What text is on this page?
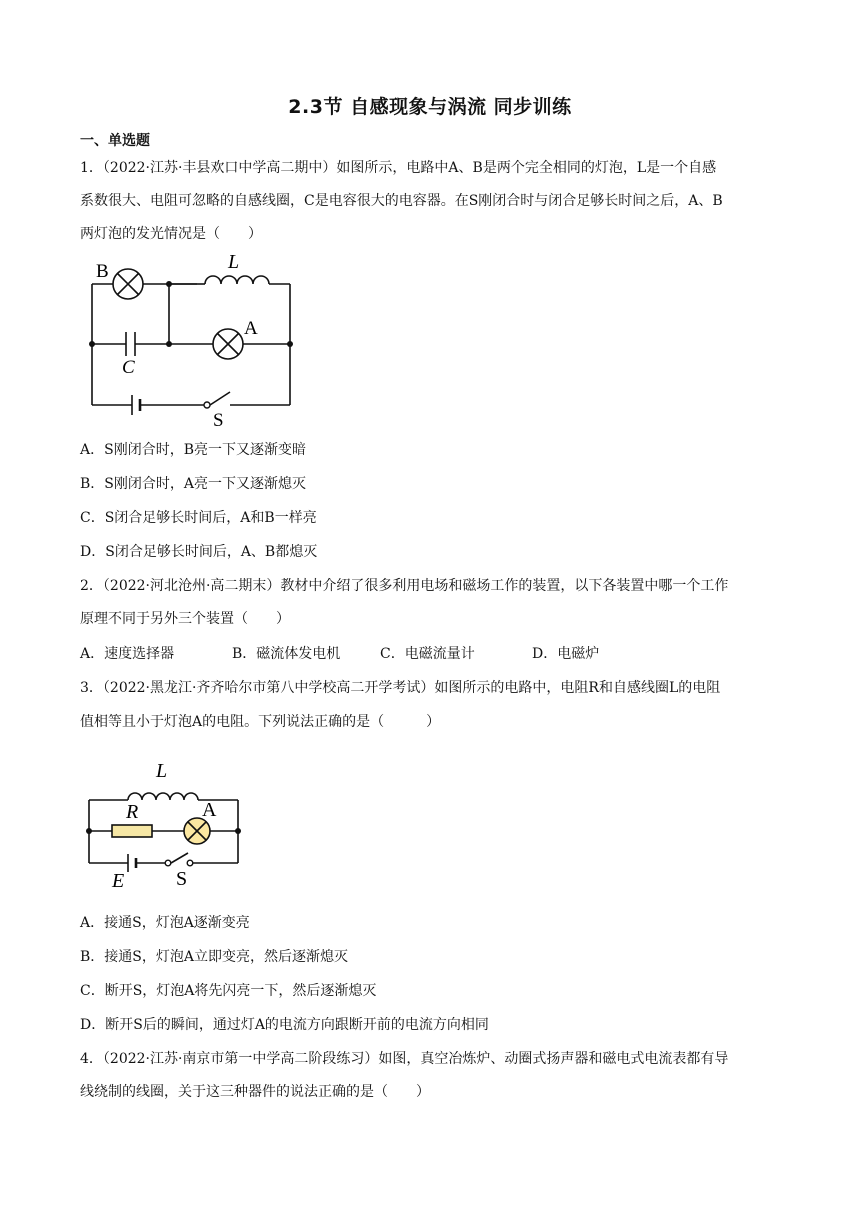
2.3节 自感现象与涡流 同步训练
一、单选题
1．（2022·江苏·丰县欢口中学高二期中）如图所示，电路中A、B是两个完全相同的灯泡，L是一个自感
系数很大、电阻可忽略的自感线圈，C是电容很大的电容器。在S刚闭合时与闭合足够长时间之后，A、B
两灯泡的发光情况是（　　）
B	L
A
C
S
A．S刚闭合时，B亮一下又逐渐变暗
B．S刚闭合时，A亮一下又逐渐熄灭
C．S闭合足够长时间后，A和B一样亮
D．S闭合足够长时间后，A、B都熄灭
2．（2022·河北沧州·高二期末）教材中介绍了很多利用电场和磁场工作的装置，以下各装置中哪一个工作
原理不同于另外三个装置（　　）
A．速度选择器	B．磁流体发电机	C．电磁流量计	D．电磁炉
3．（2022·黑龙江·齐齐哈尔市第八中学校高二开学考试）如图所示的电路中，电阻R和自感线圈L的电阻
值相等且小于灯泡A的电阻。下列说法正确的是（　　　）
L
R	A
E	S
A．接通S，灯泡A逐渐变亮
B．接通S，灯泡A立即变亮，然后逐渐熄灭
C．断开S，灯泡A将先闪亮一下，然后逐渐熄灭
D．断开S后的瞬间，通过灯A的电流方向跟断开前的电流方向相同
4．（2022·江苏·南京市第一中学高二阶段练习）如图，真空冶炼炉、动圈式扬声器和磁电式电流表都有导
线绕制的线圈，关于这三种器件的说法正确的是（　　）
